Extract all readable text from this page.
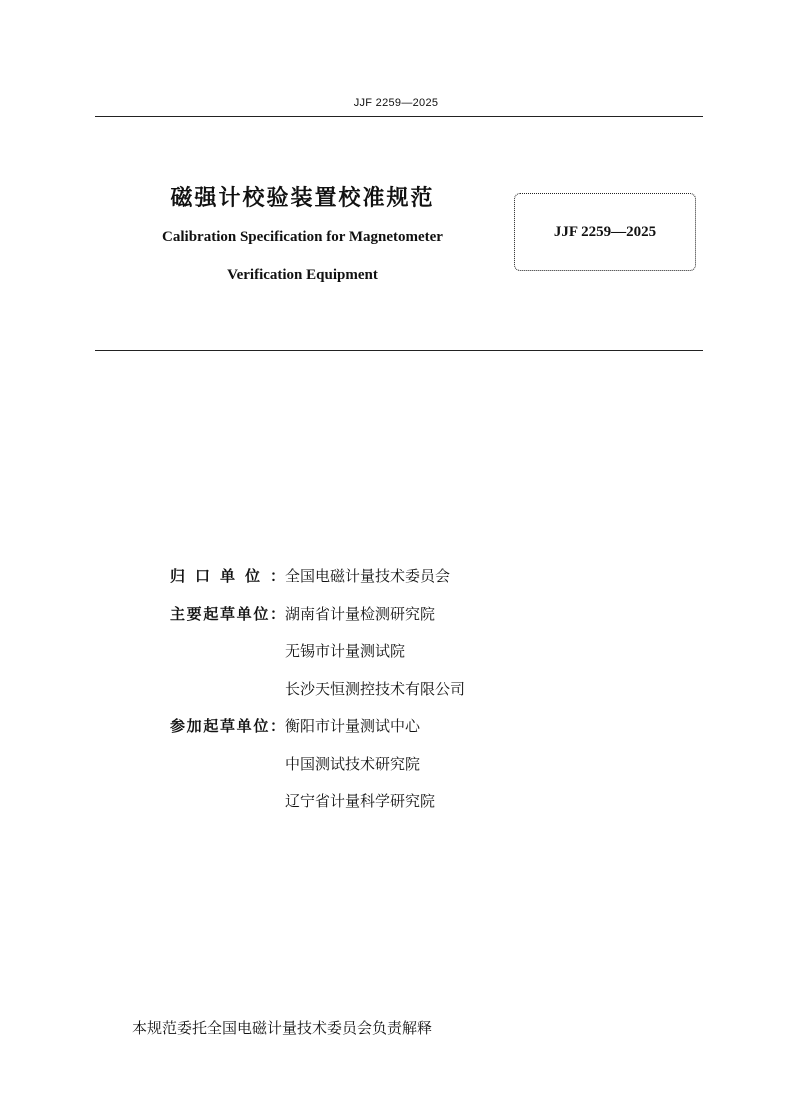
JJF 2259—2025
磁强计校验装置校准规范
Calibration Specification for Magnetometer
Verification Equipment
JJF 2259—2025
归口单位： 全国电磁计量技术委员会
主要起草单位： 湖南省计量检测研究院
无锡市计量测试院
长沙天恒测控技术有限公司
参加起草单位： 衡阳市计量测试中心
中国测试技术研究院
辽宁省计量科学研究院
本规范委托全国电磁计量技术委员会负责解释
